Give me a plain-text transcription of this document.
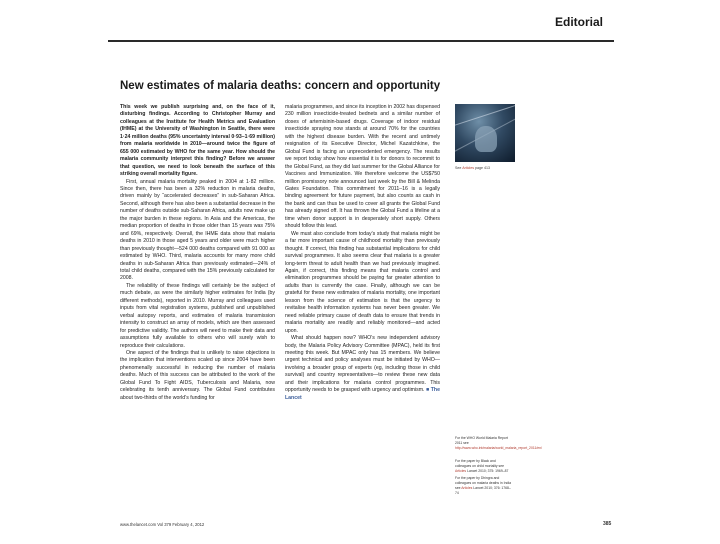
Editorial
New estimates of malaria deaths: concern and opportunity

This week we publish surprising and, on the face of it, disturbing findings. According to Christopher Murray and colleagues at the Institute for Health Metrics and Evaluation (IHME) at the University of Washington in Seattle, there were 1·24 million deaths (95% uncertainty interval 0·93–1·69 million) from malaria worldwide in 2010—around twice the figure of 655 000 estimated by WHO for the same year. How should the malaria community interpret this finding? Before we answer that question, we need to look beneath the surface of this striking overall mortality figure.

First, annual malaria mortality peaked in 2004 at 1·82 million. Since then, there has been a 32% reduction in malaria deaths, driven mainly by “accelerated decreases” in sub-Saharan Africa. Second, although there has also been a substantial decrease in the number of deaths outside sub-Saharan Africa, adults now make up the major burden in these regions. In Asia and the Americas, the median proportion of deaths in those older than 15 years was 75% and 69%, respectively. Overall, the IHME data show that malaria deaths in 2010 in those aged 5 years and older were much higher than previously thought—524 000 deaths compared with 91 000 as estimated by WHO. Third, malaria accounts for many more child deaths in sub-Saharan Africa than previously estimated—24% of total child deaths, compared with the 15% previously calculated for 2008.

The reliability of these findings will certainly be the subject of much debate, as were the similarly higher estimates for India (by different methods), reported in 2010. Murray and colleagues used inputs from vital registration systems, published and unpublished verbal autopsy reports, and estimates of malaria transmission intensity to construct an array of models, which are then assessed for predictive validity. The authors will need to make their data and assumptions fully available to others who will surely wish to reproduce their calculations.

One aspect of the findings that is unlikely to raise objections is the implication that interventions scaled up since 2004 have been phenomenally successful in reducing the number of malaria deaths. Much of this success can be attributed to the work of the Global Fund To Fight AIDS, Tuberculosis and Malaria, now celebrating its tenth anniversary. The Global Fund contributes about two-thirds of the world’s funding for

malaria programmes, and since its inception in 2002 has dispensed 230 million insecticide-treated bednets and a similar number of doses of artemisinin-based drugs. Coverage of indoor residual insecticide spraying now stands at around 70% for the countries with the highest disease burden. With the recent and untimely resignation of its Executive Director, Michel Kazatchkine, the Global Fund is facing an unprecedented emergency. The results we report today show how essential it is for donors to recommit to the Global Fund, as they did last summer for the Global Alliance for Vaccines and Immunization. We therefore welcome the US$750 million promissory note announced last week by the Bill & Melinda Gates Foundation. This commitment for 2011–16 is a legally binding agreement for future payment, but also counts as cash in the bank and can thus be used to cover all grants the Global Fund has already signed off. It has thrown the Global Fund a lifeline at a time when donor support is in desperately short supply. Others should follow this lead.

We must also conclude from today’s study that malaria might be a far more important cause of childhood mortality than previously thought. If correct, this finding has substantial implications for child survival programmes. It also seems clear that malaria is a greater long-term threat to adult health than we had previously imagined. Again, if correct, this finding means that malaria control and elimination programmes should be paying far greater attention to adults than is currently the case. Finally, although we can be grateful for these new estimates of malaria mortality, one important lesson from the science of estimation is that the urgency to revitalise health information systems has never been greater. We need reliable primary cause of death data to ensure that trends in malaria mortality are readily and reliably monitored—and acted upon.

What should happen now? WHO’s new independent advisory body, the Malaria Policy Advisory Committee (MPAC), held its first meeting this week. But MPAC only has 15 members. We believe urgent technical and policy analyses must be initiated by WHO—involving a broader group of experts (eg, including those in child survival) and country representatives—to review these new data and their implications for malaria control programmes. This opportunity needs to be grasped with urgency and optimism. ■ The Lancet

See Articles page 413
For the WHO World Malaria Report 2011 see http://www.who.int/malaria/world_malaria_report_2011/en/
For the paper by Black and colleagues on child mortality see Articles Lancet 2010; 375: 1969–87
For the paper by Dhingra and colleagues on malaria deaths in India see Articles Lancet 2010; 376: 1768–74
www.thelancet.com Vol 379 February 4, 2012	385
